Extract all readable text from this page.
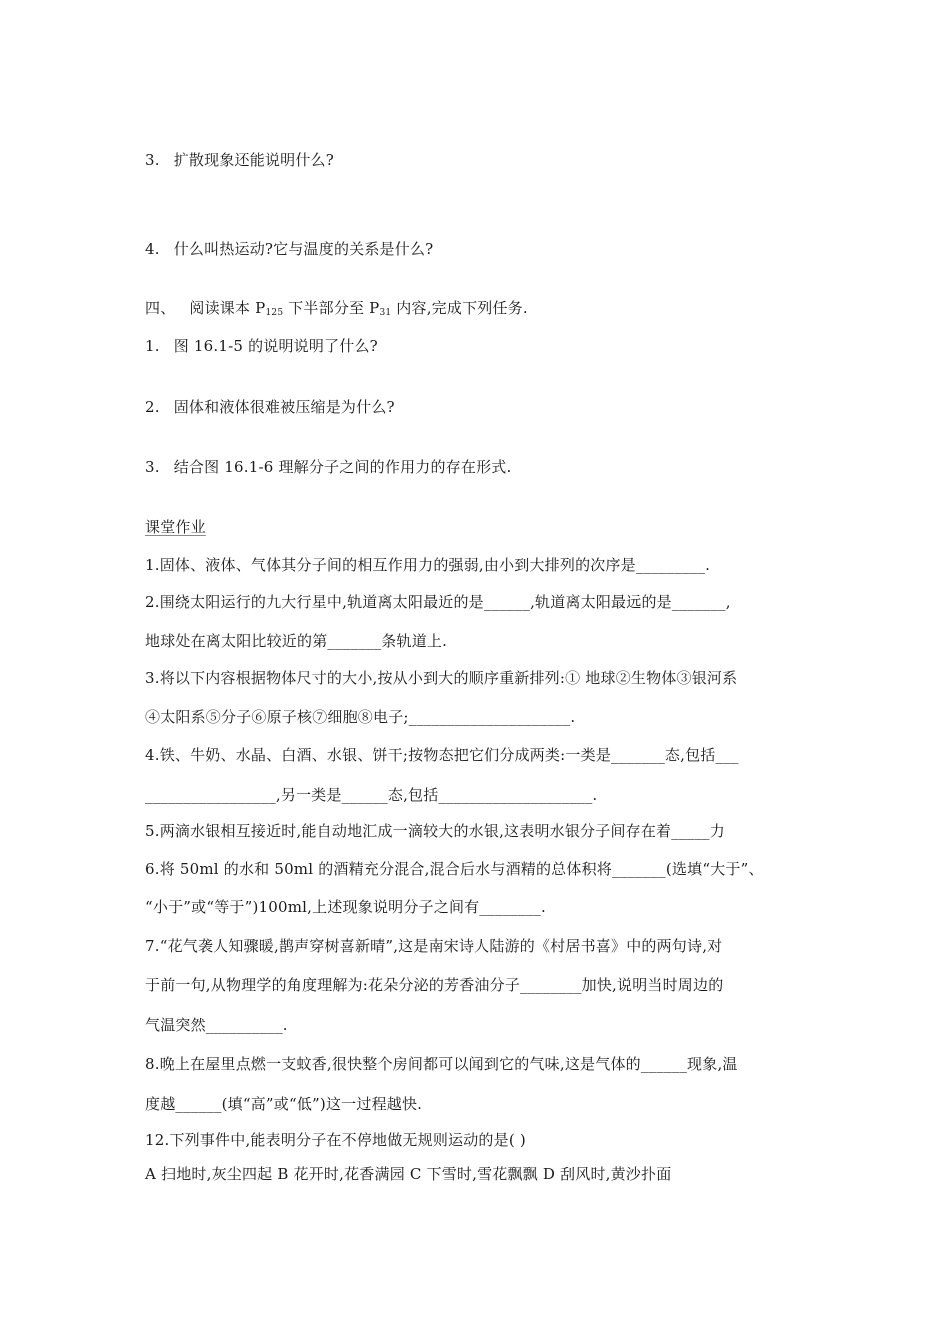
3. 扩散现象还能说明什么?
4. 什么叫热运动?它与温度的关系是什么?
四、 阅读课本 $P_{125}$ 下半部分至 $P_{31}$ 内容,完成下列任务.
1. 图 16.1-5 的说明说明了什么?
2. 固体和液体很难被压缩是为什么?
3. 结合图 16.1-6 理解分子之间的作用力的存在形式.
课堂作业
1.固体、液体、气体其分子间的相互作用力的强弱,由小到大排列的次序是_________.
2.围绕太阳运行的九大行星中,轨道离太阳最近的是______,轨道离太阳最远的是_______,
地球处在离太阳比较近的第_______条轨道上.
3.将以下内容根据物体尺寸的大小,按从小到大的顺序重新排列:① 地球②生物体③银河系
④太阳系⑤分子⑥原子核⑦细胞⑧电子;_____________________.
4.铁、牛奶、水晶、白酒、水银、饼干;按物态把它们分成两类:一类是_______态,包括___
_________________,另一类是______态,包括____________________.
5.两滴水银相互接近时,能自动地汇成一滴较大的水银,这表明水银分子间存在着_____力
6.将 50ml 的水和 50ml 的酒精充分混合,混合后水与酒精的总体积将_______(选填“大于”、
“小于”或“等于”)100ml,上述现象说明分子之间有________.
7.“花气袭人知骤暖,鹊声穿树喜新晴”,这是南宋诗人陆游的《村居书喜》中的两句诗,对
于前一句,从物理学的角度理解为:花朵分泌的芳香油分子________加快,说明当时周边的
气温突然__________.
8.晚上在屋里点燃一支蚊香,很快整个房间都可以闻到它的气味,这是气体的______现象,温
度越______(填“高”或“低”)这一过程越快.
12.下列事件中,能表明分子在不停地做无规则运动的是( )
A 扫地时,灰尘四起 B 花开时,花香满园 C 下雪时,雪花飘飘 D 刮风时,黄沙扑面
